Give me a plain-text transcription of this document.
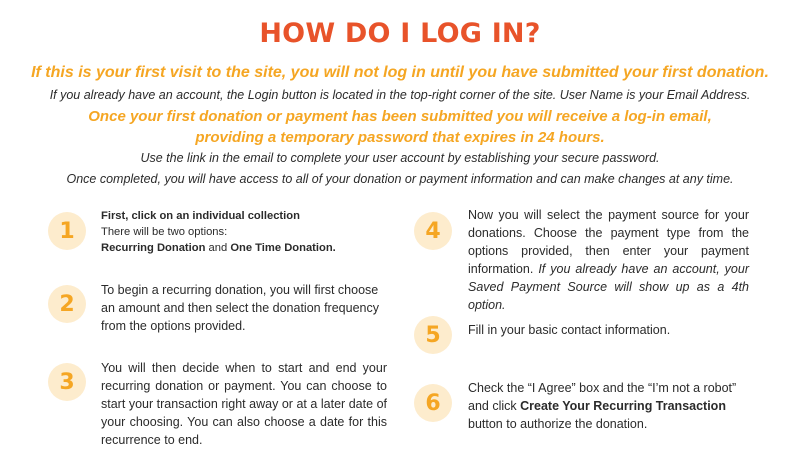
HOW DO I LOG IN?
If this is your first visit to the site, you will not log in until you have submitted your first donation.
If you already have an account, the Login button is located in the top-right corner of the site. User Name is your Email Address.
Once your first donation or payment has been submitted you will receive a log-in email,
providing a temporary password that expires in 24 hours.
Use the link in the email to complete your user account by establishing your secure password.
Once completed, you will have access to all of your donation or payment information and can make changes at any time.
1
First, click on an individual collection
There will be two options:
Recurring Donation and One Time Donation.
2
To begin a recurring donation, you will first choose an amount and then select the donation frequency from the options provided.
3
You will then decide when to start and end your recurring donation or payment. You can choose to start your transaction right away or at a later date of your choosing. You can also choose a date for this recurrence to end.
4
Now you will select the payment source for your donations. Choose the payment type from the options provided, then enter your payment information. If you already have an account, your Saved Payment Source will show up as a 4th option.
5	Fill in your basic contact information.
6
Check the “I Agree” box and the “I’m not a robot” and click Create Your Recurring Transaction button to authorize the donation.
